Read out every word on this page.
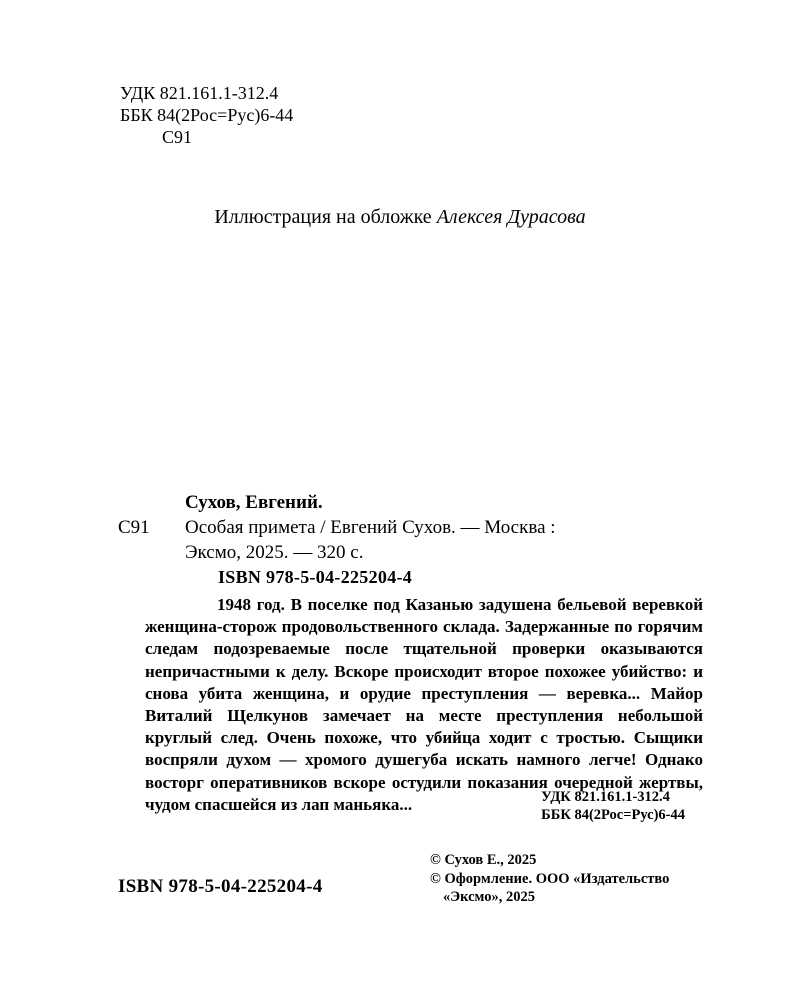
УДК 821.161.1-312.4
ББК 84(2Рос=Рус)6-44
С91
Иллюстрация на обложке Алексея Дурасова
Сухов, Евгений.
С91	Особая примета / Евгений Сухов. — Москва :
Эксмо, 2025. — 320 с.
ISBN 978-5-04-225204-4
1948 год. В поселке под Казанью задушена бельевой веревкой женщина-сторож продовольственного склада. Задержанные по горячим следам подозреваемые после тщательной проверки оказываются непричастными к делу. Вскоре происходит второе похожее убийство: и снова убита женщина, и орудие преступления — веревка... Майор Виталий Щелкунов замечает на месте преступления небольшой круглый след. Очень похоже, что убийца ходит с тростью. Сыщики воспряли духом — хромого душегуба искать намного легче! Однако восторг оперативников вскоре остудили показания очередной жертвы, чудом спасшейся из лап маньяка...	УДК 821.161.1-312.4
ББК 84(2Рос=Рус)6-44
ISBN 978-5-04-225204-4
© Сухов Е., 2025
© Оформление. ООО «Издательство «Эксмо», 2025
